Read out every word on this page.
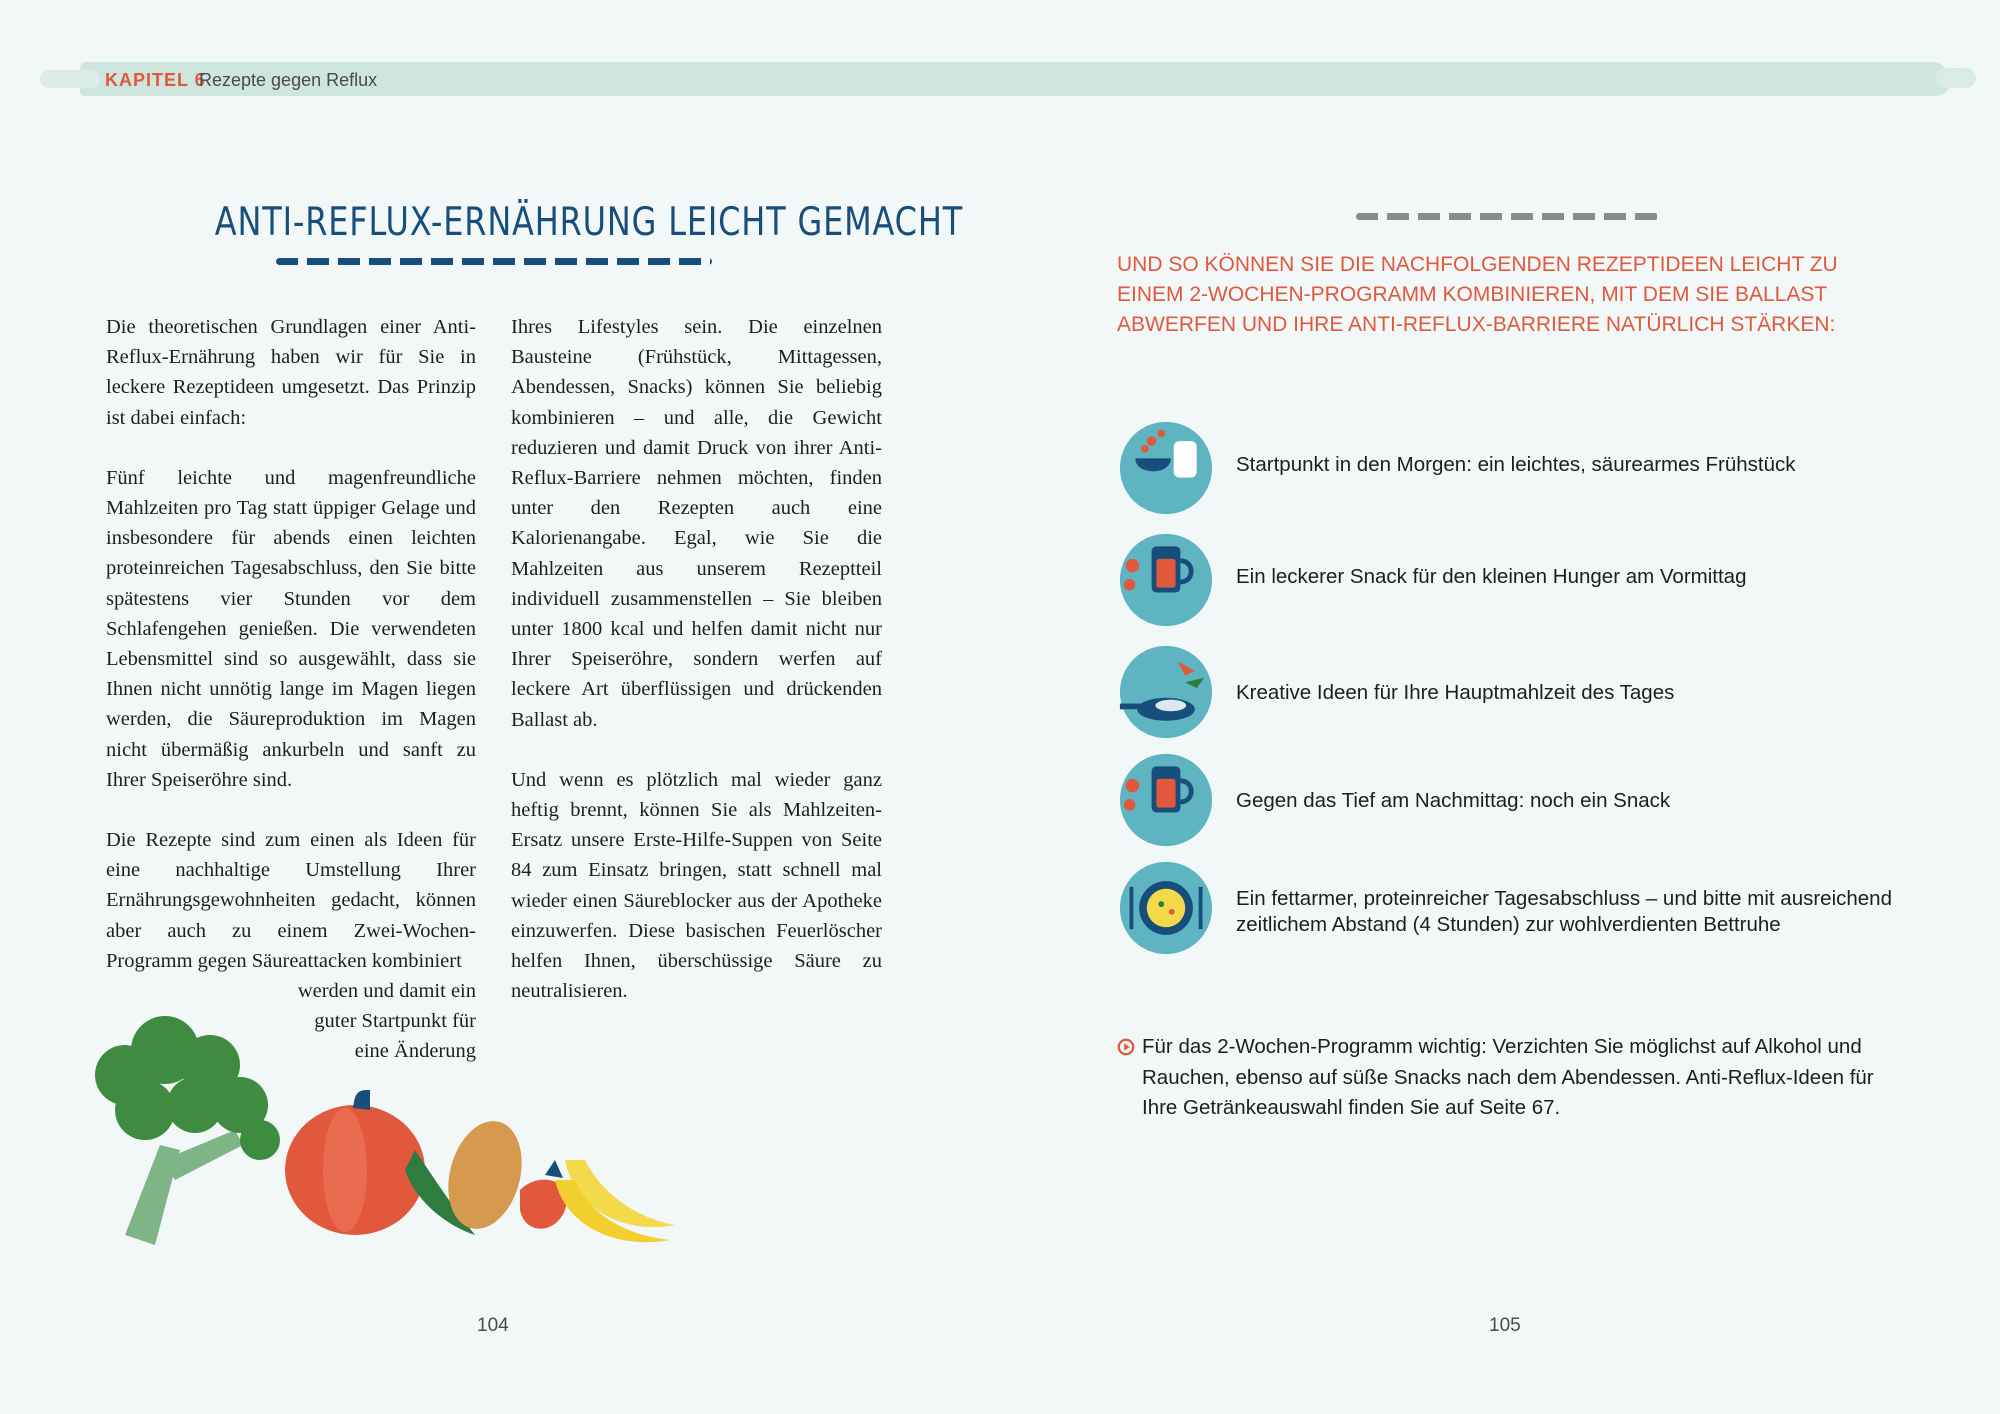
KAPITEL 6
Rezepte gegen Reflux
ANTI-REFLUX-ERNÄHRUNG LEICHT GEMACHT

Die theoretischen Grundlagen einer Anti-Reflux-Ernährung haben wir für Sie in leckere Rezeptideen umgesetzt. Das Prinzip ist dabei einfach:

Fünf leichte und magenfreundliche Mahlzeiten pro Tag statt üppiger Gelage und insbesondere für abends einen leichten proteinreichen Tagesabschluss, den Sie bitte spätestens vier Stunden vor dem Schlafengehen genießen. Die verwendeten Lebensmittel sind so ausgewählt, dass sie Ihnen nicht unnötig lange im Magen liegen werden, die Säureproduktion im Magen nicht übermäßig ankurbeln und sanft zu Ihrer Speiseröhre sind.

Die Rezepte sind zum einen als Ideen für eine nachhaltige Umstellung Ihrer Ernährungsgewohnheiten gedacht, können aber auch zu einem Zwei-Wochen-Programm gegen Säureattacken kombiniert

werden und damit ein
guter Startpunkt für
eine Änderung

Ihres Lifestyles sein. Die einzelnen Bausteine (Frühstück, Mittagessen, Abendessen, Snacks) können Sie beliebig kombinieren – und alle, die Gewicht reduzieren und damit Druck von ihrer Anti-Reflux-Barriere nehmen möchten, finden unter den Rezepten auch eine Kalorienangabe. Egal, wie Sie die Mahlzeiten aus unserem Rezeptteil individuell zusammenstellen – Sie bleiben unter 1800 kcal und helfen damit nicht nur Ihrer Speiseröhre, sondern werfen auf leckere Art überflüssigen und drückenden Ballast ab.

Und wenn es plötzlich mal wieder ganz heftig brennt, können Sie als Mahlzeiten-Ersatz unsere Erste-Hilfe-Suppen von Seite 84 zum Einsatz bringen, statt schnell mal wieder einen Säureblocker aus der Apotheke einzuwerfen. Diese basischen Feuerlöscher helfen Ihnen, überschüssige Säure zu neutralisieren.

104
UND SO KÖNNEN SIE DIE NACHFOLGENDEN REZEPTIDEEN LEICHT ZU EINEM 2-WOCHEN-PROGRAMM KOMBINIEREN, MIT DEM SIE BALLAST ABWERFEN UND IHRE ANTI-REFLUX-BARRIERE NATÜRLICH STÄRKEN:
Startpunkt in den Morgen: ein leichtes, säurearmes Frühstück
Ein leckerer Snack für den kleinen Hunger am Vormittag
Kreative Ideen für Ihre Hauptmahlzeit des Tages
Gegen das Tief am Nachmittag: noch ein Snack
Ein fettarmer, proteinreicher Tagesabschluss – und bitte mit ausreichend zeitlichem Abstand (4 Stunden) zur wohlverdienten Bettruhe
Für das 2-Wochen-Programm wichtig: Verzichten Sie möglichst auf Alkohol und Rauchen, ebenso auf süße Snacks nach dem Abendessen. Anti-Reflux-Ideen für Ihre Getränkeauswahl finden Sie auf Seite 67.
105
